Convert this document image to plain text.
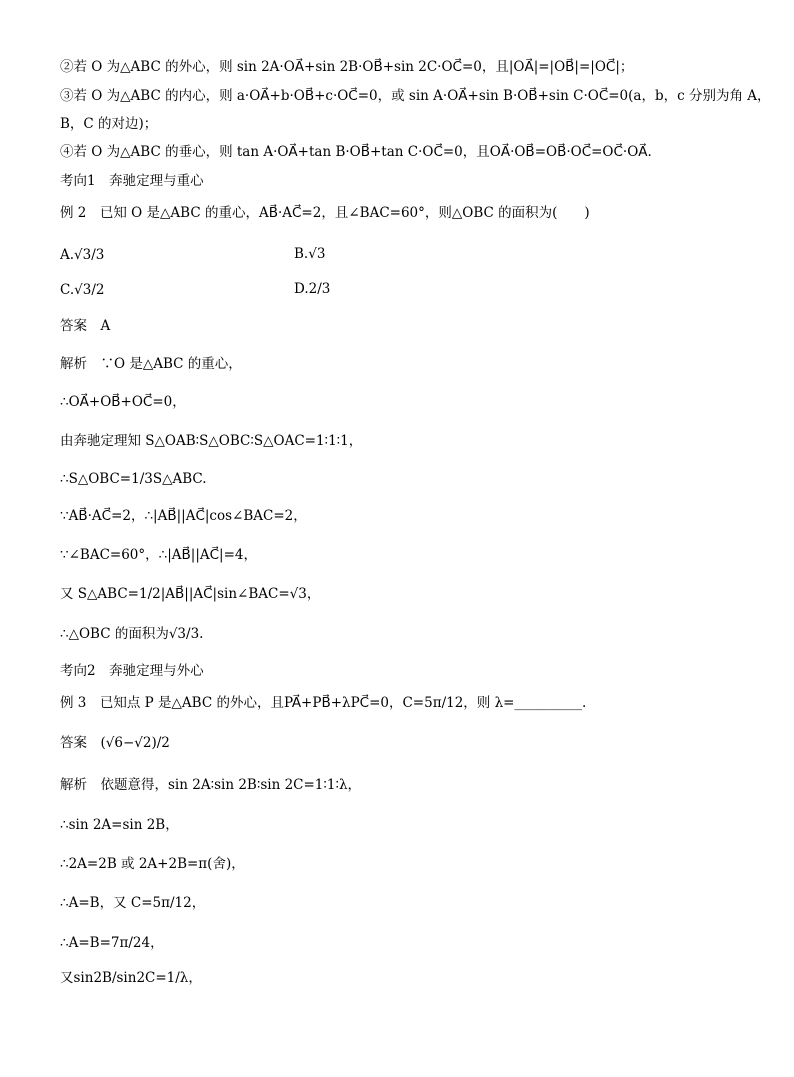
②若 O 为△ABC 的外心，则 sin 2A·OA⃗+sin 2B·OB⃗+sin 2C·OC⃗=0，且|OA⃗|=|OB⃗|=|OC⃗|；
③若 O 为△ABC 的内心，则 a·OA⃗+b·OB⃗+c·OC⃗=0，或 sin A·OA⃗+sin B·OB⃗+sin C·OC⃗=0(a，b，c 分别为角 A，
B，C 的对边)；
④若 O 为△ABC 的垂心，则 tan A·OA⃗+tan B·OB⃗+tan C·OC⃗=0，且OA⃗·OB⃗=OB⃗·OC⃗=OC⃗·OA⃗.
考向1　奔驰定理与重心
例 2　已知 O 是△ABC 的重心，AB⃗·AC⃗=2，且∠BAC=60°，则△OBC 的面积为(　　)
A.√3/3	B.√3
C.√3/2	D.2/3
答案　A
解析　∵O 是△ABC 的重心，
∴OA⃗+OB⃗+OC⃗=0，
由奔驰定理知 S△OAB∶S△OBC∶S△OAC=1∶1∶1，
∴S△OBC=1/3S△ABC.
∵AB⃗·AC⃗=2，∴|AB⃗||AC⃗|cos∠BAC=2，
∵∠BAC=60°，∴|AB⃗||AC⃗|=4，
又 S△ABC=1/2|AB⃗||AC⃗|sin∠BAC=√3，
∴△OBC 的面积为√3/3.
考向2　奔驰定理与外心
例 3　已知点 P 是△ABC 的外心，且PA⃗+PB⃗+λPC⃗=0，C=5π/12，则 λ=__________.
答案　(√6−√2)/2
解析　依题意得，sin 2A∶sin 2B∶sin 2C=1∶1∶λ，
∴sin 2A=sin 2B，
∴2A=2B 或 2A+2B=π(舍)，
∴A=B，又 C=5π/12，
∴A=B=7π/24，
又sin2B/sin2C=1/λ，
